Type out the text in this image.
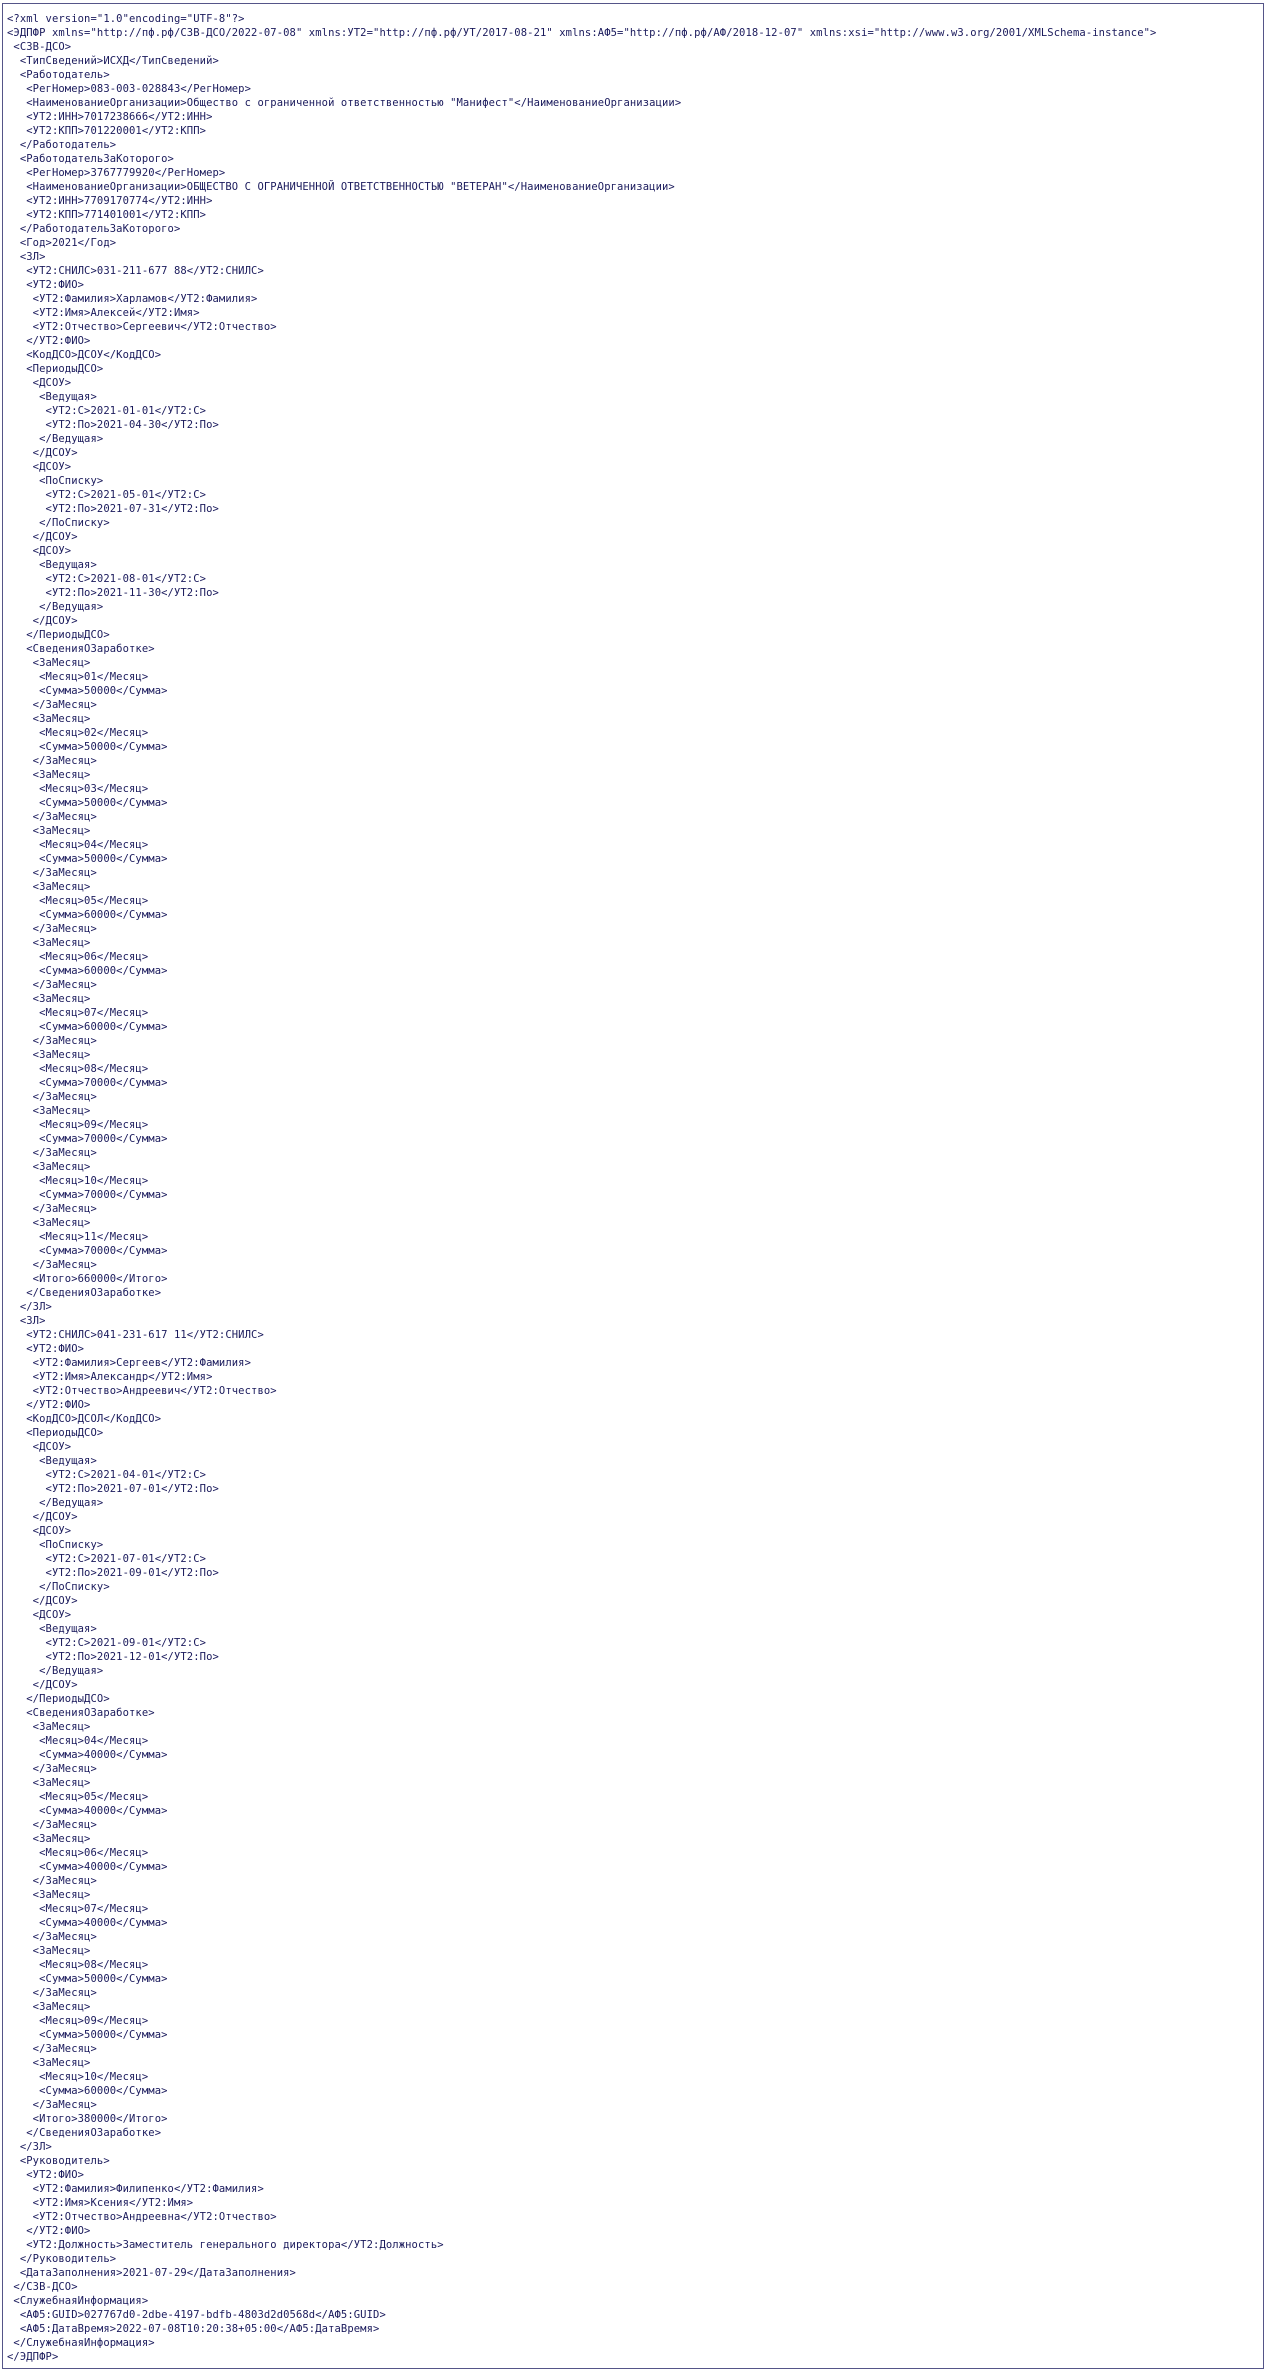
<?xml version="1.0"encoding="UTF-8"?>
<ЭДПФР xmlns="http://пф.рф/СЗВ-ДСО/2022-07-08" xmlns:УТ2="http://пф.рф/УТ/2017-08-21" xmlns:АФ5="http://пф.рф/АФ/2018-12-07" xmlns:xsi="http://www.w3.org/2001/XMLSchema-instance">
<СЗВ-ДСО>
<ТипСведений>ИСХД</ТипСведений>
<Работодатель>
<РегНомер>083-003-028843</РегНомер>
<НаименованиеОрганизации>Общество с ограниченной ответственностью "Манифест"</НаименованиеОрганизации>
<УТ2:ИНН>7017238666</УТ2:ИНН>
<УТ2:КПП>701220001</УТ2:КПП>
</Работодатель>
<РаботодательЗаКоторого>
<РегНомер>3767779920</РегНомер>
<НаименованиеОрганизации>ОБЩЕСТВО С ОГРАНИЧЕННОЙ ОТВЕТСТВЕННОСТЬЮ "ВЕТЕРАН"</НаименованиеОрганизации>
<УТ2:ИНН>7709170774</УТ2:ИНН>
<УТ2:КПП>771401001</УТ2:КПП>
</РаботодательЗаКоторого>
<Год>2021</Год>
<ЗЛ>
<УТ2:СНИЛС>031-211-677 88</УТ2:СНИЛС>
<УТ2:ФИО>
<УТ2:Фамилия>Харламов</УТ2:Фамилия>
<УТ2:Имя>Алексей</УТ2:Имя>
<УТ2:Отчество>Сергеевич</УТ2:Отчество>
</УТ2:ФИО>
<КодДСО>ДСОУ</КодДСО>
<ПериодыДСО>
<ДСОУ>
<Ведущая>
<УТ2:С>2021-01-01</УТ2:С>
<УТ2:По>2021-04-30</УТ2:По>
</Ведущая>
</ДСОУ>
<ДСОУ>
<ПоСписку>
<УТ2:С>2021-05-01</УТ2:С>
<УТ2:По>2021-07-31</УТ2:По>
</ПоСписку>
</ДСОУ>
<ДСОУ>
<Ведущая>
<УТ2:С>2021-08-01</УТ2:С>
<УТ2:По>2021-11-30</УТ2:По>
</Ведущая>
</ДСОУ>
</ПериодыДСО>
<СведенияОЗаработке>
<ЗаМесяц>
<Месяц>01</Месяц>
<Сумма>50000</Сумма>
</ЗаМесяц>
<ЗаМесяц>
<Месяц>02</Месяц>
<Сумма>50000</Сумма>
</ЗаМесяц>
<ЗаМесяц>
<Месяц>03</Месяц>
<Сумма>50000</Сумма>
</ЗаМесяц>
<ЗаМесяц>
<Месяц>04</Месяц>
<Сумма>50000</Сумма>
</ЗаМесяц>
<ЗаМесяц>
<Месяц>05</Месяц>
<Сумма>60000</Сумма>
</ЗаМесяц>
<ЗаМесяц>
<Месяц>06</Месяц>
<Сумма>60000</Сумма>
</ЗаМесяц>
<ЗаМесяц>
<Месяц>07</Месяц>
<Сумма>60000</Сумма>
</ЗаМесяц>
<ЗаМесяц>
<Месяц>08</Месяц>
<Сумма>70000</Сумма>
</ЗаМесяц>
<ЗаМесяц>
<Месяц>09</Месяц>
<Сумма>70000</Сумма>
</ЗаМесяц>
<ЗаМесяц>
<Месяц>10</Месяц>
<Сумма>70000</Сумма>
</ЗаМесяц>
<ЗаМесяц>
<Месяц>11</Месяц>
<Сумма>70000</Сумма>
</ЗаМесяц>
<Итого>660000</Итого>
</СведенияОЗаработке>
</ЗЛ>
<ЗЛ>
<УТ2:СНИЛС>041-231-617 11</УТ2:СНИЛС>
<УТ2:ФИО>
<УТ2:Фамилия>Сергеев</УТ2:Фамилия>
<УТ2:Имя>Александр</УТ2:Имя>
<УТ2:Отчество>Андреевич</УТ2:Отчество>
</УТ2:ФИО>
<КодДСО>ДСОЛ</КодДСО>
<ПериодыДСО>
<ДСОУ>
<Ведущая>
<УТ2:С>2021-04-01</УТ2:С>
<УТ2:По>2021-07-01</УТ2:По>
</Ведущая>
</ДСОУ>
<ДСОУ>
<ПоСписку>
<УТ2:С>2021-07-01</УТ2:С>
<УТ2:По>2021-09-01</УТ2:По>
</ПоСписку>
</ДСОУ>
<ДСОУ>
<Ведущая>
<УТ2:С>2021-09-01</УТ2:С>
<УТ2:По>2021-12-01</УТ2:По>
</Ведущая>
</ДСОУ>
</ПериодыДСО>
<СведенияОЗаработке>
<ЗаМесяц>
<Месяц>04</Месяц>
<Сумма>40000</Сумма>
</ЗаМесяц>
<ЗаМесяц>
<Месяц>05</Месяц>
<Сумма>40000</Сумма>
</ЗаМесяц>
<ЗаМесяц>
<Месяц>06</Месяц>
<Сумма>40000</Сумма>
</ЗаМесяц>
<ЗаМесяц>
<Месяц>07</Месяц>
<Сумма>40000</Сумма>
</ЗаМесяц>
<ЗаМесяц>
<Месяц>08</Месяц>
<Сумма>50000</Сумма>
</ЗаМесяц>
<ЗаМесяц>
<Месяц>09</Месяц>
<Сумма>50000</Сумма>
</ЗаМесяц>
<ЗаМесяц>
<Месяц>10</Месяц>
<Сумма>60000</Сумма>
</ЗаМесяц>
<Итого>380000</Итого>
</СведенияОЗаработке>
</ЗЛ>
<Руководитель>
<УТ2:ФИО>
<УТ2:Фамилия>Филипенко</УТ2:Фамилия>
<УТ2:Имя>Ксения</УТ2:Имя>
<УТ2:Отчество>Андреевна</УТ2:Отчество>
</УТ2:ФИО>
<УТ2:Должность>Заместитель генерального директора</УТ2:Должность>
</Руководитель>
<ДатаЗаполнения>2021-07-29</ДатаЗаполнения>
</СЗВ-ДСО>
<СлужебнаяИнформация>
<АФ5:GUID>027767d0-2dbe-4197-bdfb-4803d2d0568d</АФ5:GUID>
<АФ5:ДатаВремя>2022-07-08T10:20:38+05:00</АФ5:ДатаВремя>
</СлужебнаяИнформация>
</ЭДПФР>
